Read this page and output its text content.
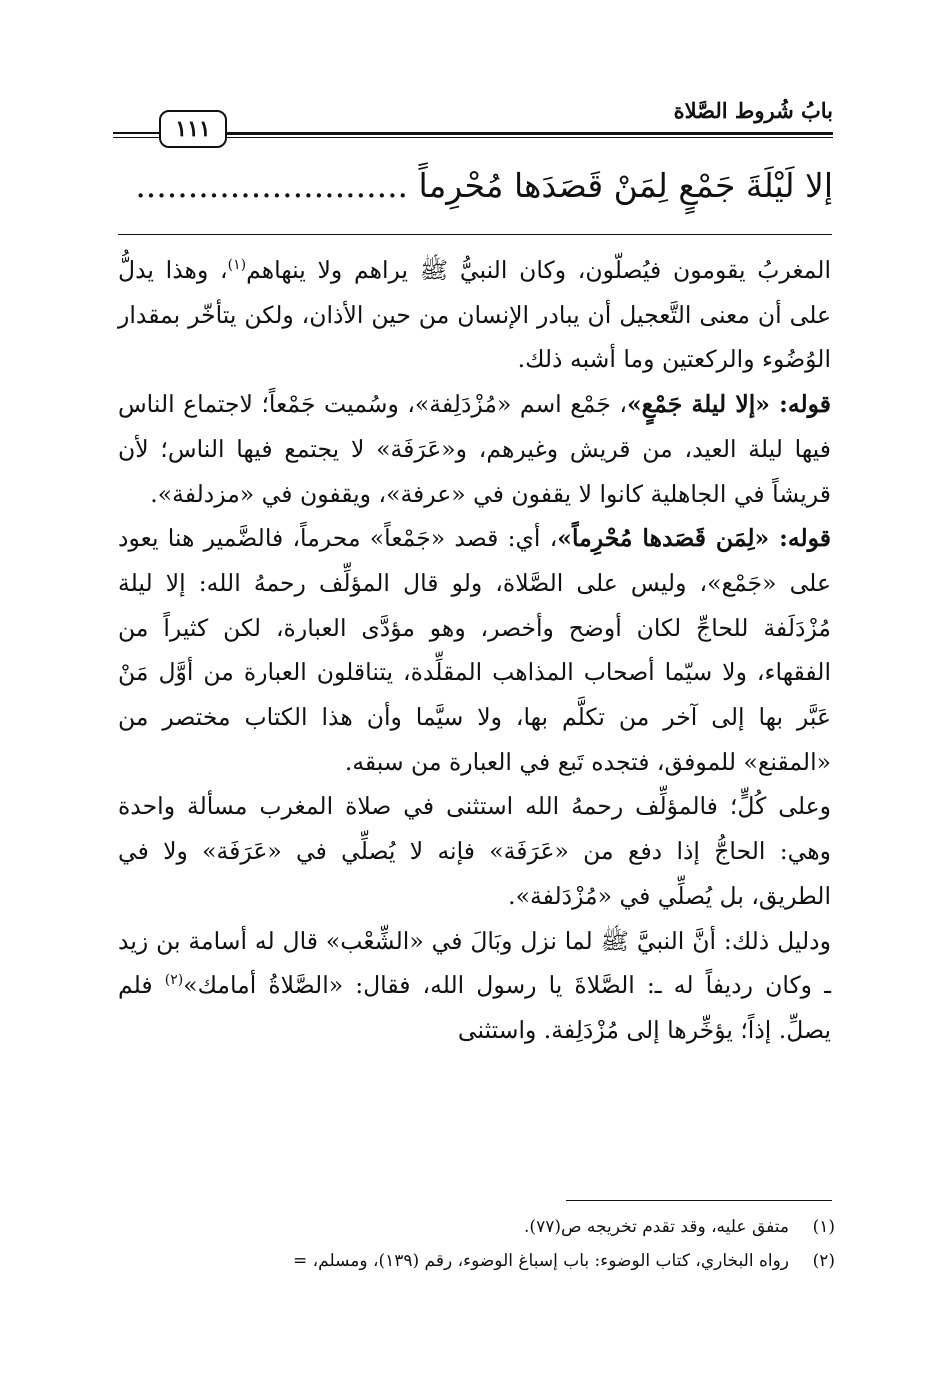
بابُ شُروط الصَّلاة
١١١
إلا لَيْلَةَ جَمْعٍ لِمَنْ قَصَدَها مُحْرِماً ..........................

المغربُ يقومون فيُصلّون، وكان النبيُّ ﷺ يراهم ولا ينهاهم$^{(١)}$، وهذا يدلُّ على أن معنى التَّعجيل أن يبادر الإنسان من حين الأذان، ولكن يتأخّر بمقدار الوُضُوء والركعتين وما أشبه ذلك.

قوله: «إلا ليلة جَمْعٍ»، جَمْع اسم «مُزْدَلِفة»، وسُميت جَمْعاً؛ لاجتماع الناس فيها ليلة العيد، من قريش وغيرهم، و«عَرَفَة» لا يجتمع فيها الناس؛ لأن قريشاً في الجاهلية كانوا لا يقفون في «عرفة»، ويقفون في «مزدلفة».

قوله: «لِمَن قَصَدها مُحْرِماً»، أي: قصد «جَمْعاً» محرماً، فالضَّمير هنا يعود على «جَمْع»، وليس على الصَّلاة، ولو قال المؤلِّف رحمهُ الله: إلا ليلة مُزْدَلَفة للحاجِّ لكان أوضح وأخصر، وهو مؤدَّى العبارة، لكن كثيراً من الفقهاء، ولا سيّما أصحاب المذاهب المقلِّدة، يتناقلون العبارة من أوَّل مَنْ عَبَّر بها إلى آخر من تكلَّم بها، ولا سيَّما وأن هذا الكتاب مختصر من «المقنع» للموفق، فتجده تَبع في العبارة من سبقه.

وعلى كُلٍّ؛ فالمؤلِّف رحمهُ الله استثنى في صلاة المغرب مسألة واحدة وهي: الحاجُّ إذا دفع من «عَرَفَة» فإنه لا يُصلِّي في «عَرَفَة» ولا في الطريق، بل يُصلِّي في «مُزْدَلفة».

ودليل ذلك: أنَّ النبيَّ ﷺ لما نزل وبَالَ في «الشِّعْب» قال له أسامة بن زيد ـ وكان رديفاً له ـ: الصَّلاةَ يا رسول الله، فقال: «الصَّلاةُ أمامك»$^{(٢)}$ فلم يصلِّ. إذاً؛ يؤخِّرها إلى مُزْدَلِفة. واستثنى

(١)
متفق عليه، وقد تقدم تخريجه ص(٧٧).
(٢)
رواه البخاري، كتاب الوضوء: باب إسباغ الوضوء، رقم (١٣٩)، ومسلم، =
